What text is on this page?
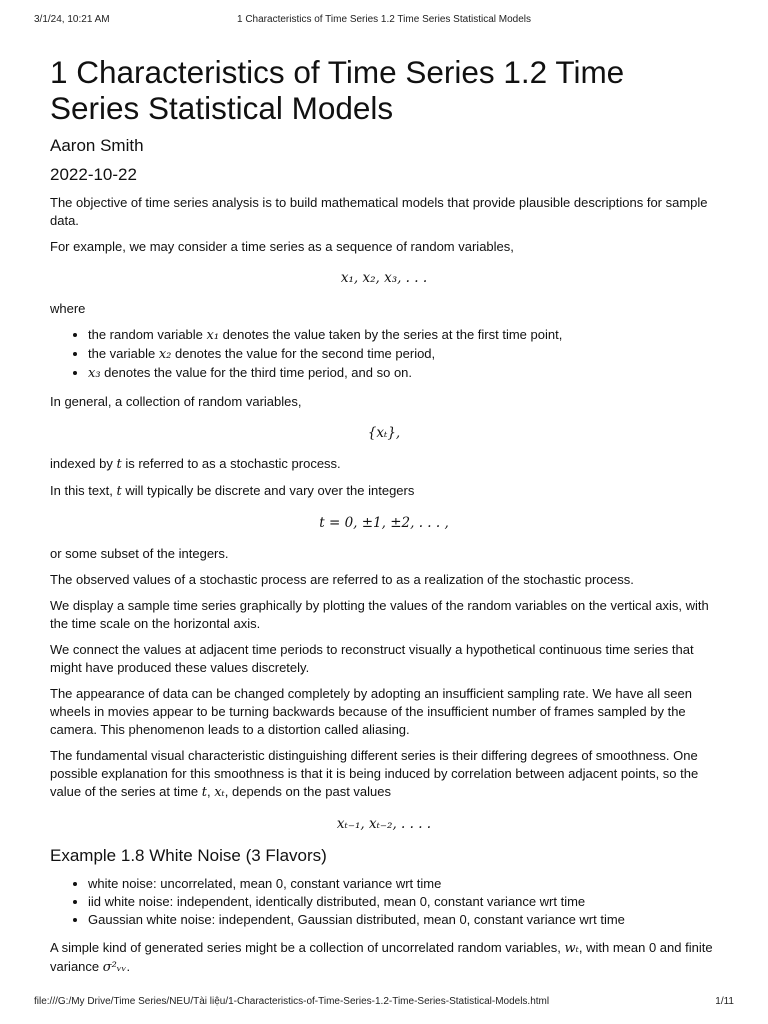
3/1/24, 10:21 AM	1 Characteristics of Time Series 1.2 Time Series Statistical Models
1 Characteristics of Time Series 1.2 Time Series Statistical Models
Aaron Smith
2022-10-22

The objective of time series analysis is to build mathematical models that provide plausible descriptions for sample data.

For example, we may consider a time series as a sequence of random variables,

x₁, x₂, x₃, . . .

where

• the random variable x₁ denotes the value taken by the series at the first time point,
• the variable x₂ denotes the value for the second time period,
• x₃ denotes the value for the third time period, and so on.

In general, a collection of random variables,

{xₜ},

indexed by t is referred to as a stochastic process.

In this text, t will typically be discrete and vary over the integers

t = 0, ±1, ±2, . . . ,

or some subset of the integers.

The observed values of a stochastic process are referred to as a realization of the stochastic process.

We display a sample time series graphically by plotting the values of the random variables on the vertical axis, with the time scale on the horizontal axis.

We connect the values at adjacent time periods to reconstruct visually a hypothetical continuous time series that might have produced these values discretely.

The appearance of data can be changed completely by adopting an insufficient sampling rate. We have all seen wheels in movies appear to be turning backwards because of the insufficient number of frames sampled by the camera. This phenomenon leads to a distortion called aliasing.

The fundamental visual characteristic distinguishing different series is their differing degrees of smoothness. One possible explanation for this smoothness is that it is being induced by correlation between adjacent points, so the value of the series at time t, xₜ, depends on the past values

xₜ₋₁, xₜ₋₂, . . . .
Example 1.8 White Noise (3 Flavors)
• white noise: uncorrelated, mean 0, constant variance wrt time
• iid white noise: independent, identically distributed, mean 0, constant variance wrt time
• Gaussian white noise: independent, Gaussian distributed, mean 0, constant variance wrt time

A simple kind of generated series might be a collection of uncorrelated random variables, wₜ, with mean 0 and finite variance σ²ᵥᵥ.

file:///G:/My Drive/Time Series/NEU/Tài liệu/1-Characteristics-of-Time-Series-1.2-Time-Series-Statistical-Models.html	1/11
